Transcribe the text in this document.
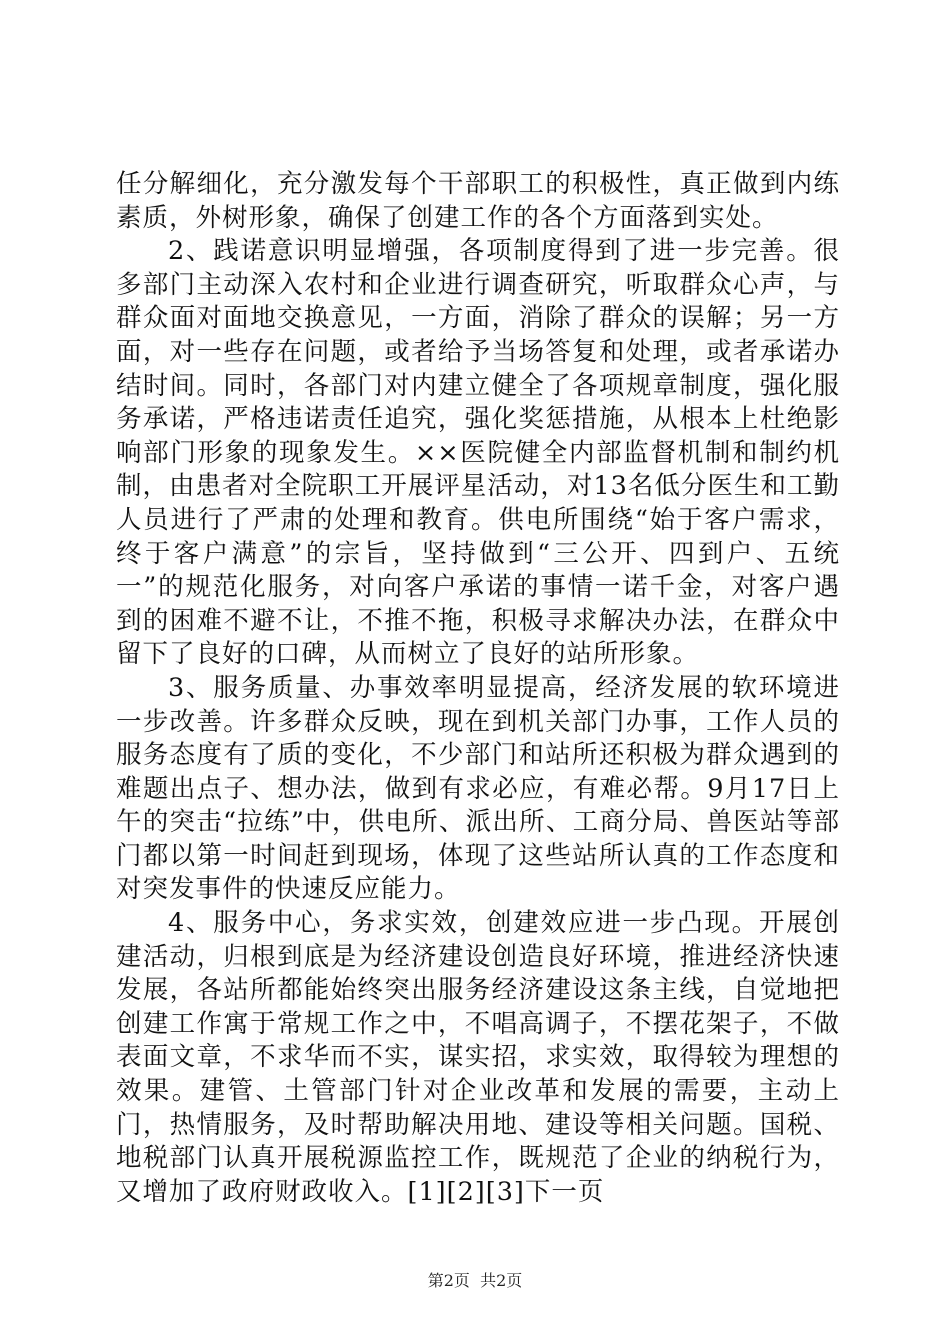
任分解细化，充分激发每个干部职工的积极性，真正做到内练素质，外树形象，确保了创建工作的各个方面落到实处。

2、践诺意识明显增强，各项制度得到了进一步完善。很多部门主动深入农村和企业进行调查研究，听取群众心声，与群众面对面地交换意见，一方面，消除了群众的误解；另一方面，对一些存在问题，或者给予当场答复和处理，或者承诺办结时间。同时，各部门对内建立健全了各项规章制度，强化服务承诺，严格违诺责任追究，强化奖惩措施，从根本上杜绝影响部门形象的现象发生。××医院健全内部监督机制和制约机制，由患者对全院职工开展评星活动，对13名低分医生和工勤人员进行了严肃的处理和教育。供电所围绕“始于客户需求，终于客户满意”的宗旨，坚持做到“三公开、四到户、五统一”的规范化服务，对向客户承诺的事情一诺千金，对客户遇到的困难不避不让，不推不拖，积极寻求解决办法，在群众中留下了良好的口碑，从而树立了良好的站所形象。

3、服务质量、办事效率明显提高，经济发展的软环境进一步改善。许多群众反映，现在到机关部门办事，工作人员的服务态度有了质的变化，不少部门和站所还积极为群众遇到的难题出点子、想办法，做到有求必应，有难必帮。9月17日上午的突击“拉练”中，供电所、派出所、工商分局、兽医站等部门都以第一时间赶到现场，体现了这些站所认真的工作态度和对突发事件的快速反应能力。

4、服务中心，务求实效，创建效应进一步凸现。开展创建活动，归根到底是为经济建设创造良好环境，推进经济快速发展，各站所都能始终突出服务经济建设这条主线，自觉地把创建工作寓于常规工作之中，不唱高调子，不摆花架子，不做表面文章，不求华而不实，谋实招，求实效，取得较为理想的效果。建管、土管部门针对企业改革和发展的需要，主动上门，热情服务，及时帮助解决用地、建设等相关问题。国税、地税部门认真开展税源监控工作，既规范了企业的纳税行为，又增加了政府财政收入。[1][2][3]下一页

第2页 共2页
